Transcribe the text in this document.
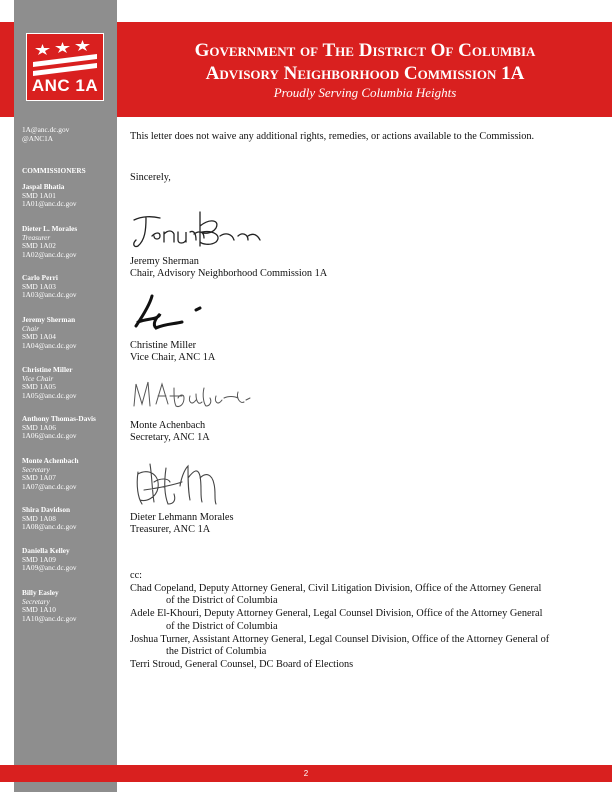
ANC 1A
Government of The District Of Columbia
Advisory Neighborhood Commission 1A
Proudly Serving Columbia Heights
1A@anc.dc.gov
@ANC1A
COMMISSIONERS
Jaspal Bhatia
SMD 1A01
1A01@anc.dc.gov
Dieter L. Morales
Treasurer
SMD 1A02
1A02@anc.dc.gov
Carlo Perri
SMD 1A03
1A03@anc.dc.gov
Jeremy Sherman
Chair
SMD 1A04
1A04@anc.dc.gov
Christine Miller
Vice Chair
SMD 1A05
1A05@anc.dc.gov
Anthony Thomas-Davis
SMD 1A06
1A06@anc.dc.gov
Monte Achenbach
Secretary
SMD 1A07
1A07@anc.dc.gov
Shira Davidson
SMD 1A08
1A08@anc.dc.gov
Daniella Kelley
SMD 1A09
1A09@anc.dc.gov
Billy Easley
Secretary
SMD 1A10
1A10@anc.dc.gov
This letter does not waive any additional rights, remedies, or actions available to the Commission.
Sincerely,
Jeremy Sherman
Chair, Advisory Neighborhood Commission 1A
Christine Miller
Vice Chair, ANC 1A
Monte Achenbach
Secretary, ANC 1A
Dieter Lehmann Morales
Treasurer, ANC 1A
cc:
Chad Copeland, Deputy Attorney General, Civil Litigation Division, Office of the Attorney General of the District of Columbia
Adele El-Khouri, Deputy Attorney General, Legal Counsel Division, Office of the Attorney General of the District of Columbia
Joshua Turner, Assistant Attorney General, Legal Counsel Division, Office of the Attorney General of the District of Columbia
Terri Stroud, General Counsel, DC Board of Elections
2
